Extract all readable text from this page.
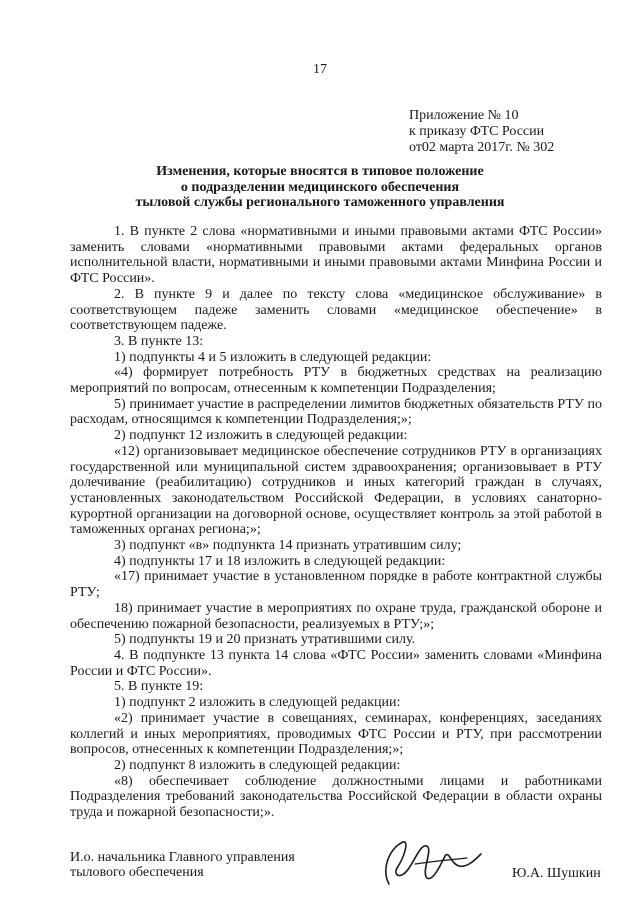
17
Приложение № 10
к приказу ФТС России
от02 марта 2017г. № 302
Изменения, которые вносятся в типовое положение
о подразделении медицинского обеспечения
тыловой службы регионального таможенного управления

1. В пункте 2 слова «нормативными и иными правовыми актами ФТС России» заменить словами «нормативными правовыми актами федеральных органов исполнительной власти, нормативными и иными правовыми актами Минфина России и ФТС России».

2. В пункте 9 и далее по тексту слова «медицинское обслуживание» в соответствующем падеже заменить словами «медицинское обеспечение» в соответствующем падеже.

3. В пункте 13:

1) подпункты 4 и 5 изложить в следующей редакции:

«4) формирует потребность РТУ в бюджетных средствах на реализацию мероприятий по вопросам, отнесенным к компетенции Подразделения;

5) принимает участие в распределении лимитов бюджетных обязательств РТУ по расходам, относящимся к компетенции Подразделения;»;

2) подпункт 12 изложить в следующей редакции:

«12) организовывает медицинское обеспечение сотрудников РТУ в организациях государственной или муниципальной систем здравоохранения; организовывает в РТУ долечивание (реабилитацию) сотрудников и иных категорий граждан в случаях, установленных законодательством Российской Федерации, в условиях санаторно-курортной организации на договорной основе, осуществляет контроль за этой работой в таможенных органах региона;»;

3) подпункт «в» подпункта 14 признать утратившим силу;

4) подпункты 17 и 18 изложить в следующей редакции:

«17) принимает участие в установленном порядке в работе контрактной службы РТУ;

18) принимает участие в мероприятиях по охране труда, гражданской обороне и обеспечению пожарной безопасности, реализуемых в РТУ;»;

5) подпункты 19 и 20 признать утратившими силу.

4. В подпункте 13 пункта 14 слова «ФТС России» заменить словами «Минфина России и ФТС России».

5. В пункте 19:

1) подпункт 2 изложить в следующей редакции:

«2) принимает участие в совещаниях, семинарах, конференциях, заседаниях коллегий и иных мероприятиях, проводимых ФТС России и РТУ, при рассмотрении вопросов, отнесенных к компетенции Подразделения;»;

2) подпункт 8 изложить в следующей редакции:

«8) обеспечивает соблюдение должностными лицами и работниками Подразделения требований законодательства Российской Федерации в области охраны труда и пожарной безопасности;».

И.о. начальника Главного управления
тылового обеспечения	Ю.А. Шушкин
